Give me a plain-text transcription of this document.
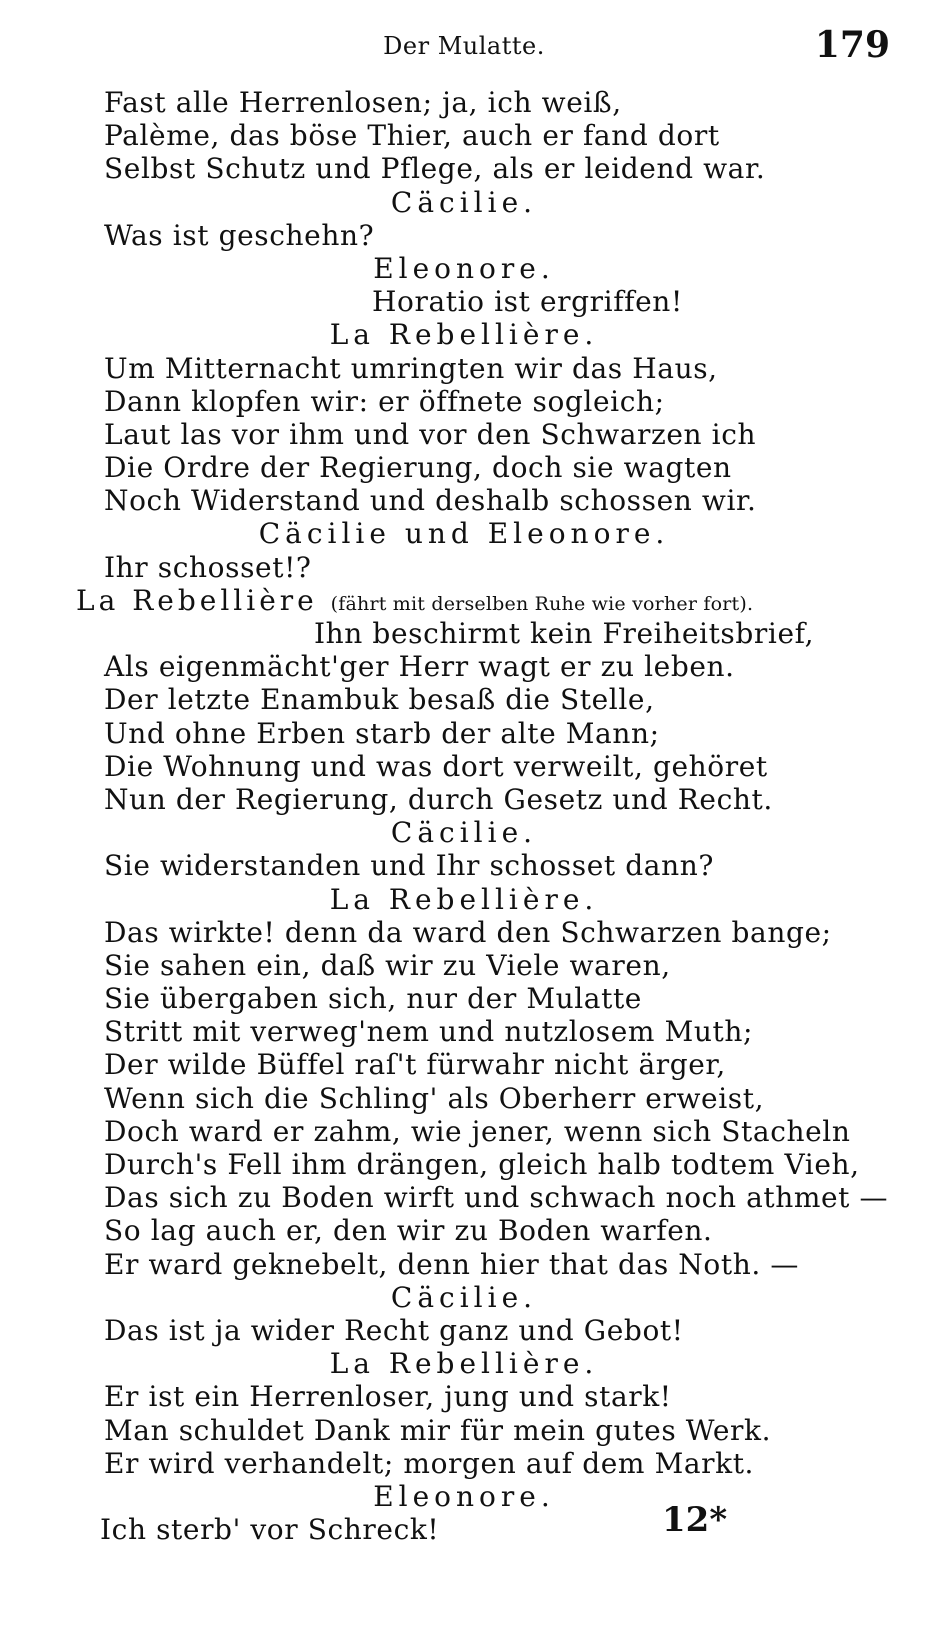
Der Mulatte.	179
Fast alle Herrenlosen; ja, ich weiß,
Palème, das böse Thier, auch er fand dort
Selbst Schutz und Pflege, als er leidend war.
Cäcilie.
Was ist geschehn?
Eleonore.
Horatio ist ergriffen!
La Rebellière.
Um Mitternacht umringten wir das Haus,
Dann klopfen wir: er öffnete sogleich;
Laut las vor ihm und vor den Schwarzen ich
Die Ordre der Regierung, doch sie wagten
Noch Widerstand und deshalb schossen wir.
Cäcilie und Eleonore.
Ihr schosset!?
La Rebellière (fährt mit derselben Ruhe wie vorher fort).
Ihn beschirmt kein Freiheitsbrief,
Als eigenmächt'ger Herr wagt er zu leben.
Der letzte Enambuk besaß die Stelle,
Und ohne Erben starb der alte Mann;
Die Wohnung und was dort verweilt, gehöret
Nun der Regierung, durch Gesetz und Recht.
Cäcilie.
Sie widerstanden und Ihr schosset dann?
La Rebellière.
Das wirkte! denn da ward den Schwarzen bange;
Sie sahen ein, daß wir zu Viele waren,
Sie übergaben sich, nur der Mulatte
Stritt mit verweg'nem und nutzlosem Muth;
Der wilde Büffel raſ't fürwahr nicht ärger,
Wenn sich die Schling' als Oberherr erweist,
Doch ward er zahm, wie jener, wenn sich Stacheln
Durch's Fell ihm drängen, gleich halb todtem Vieh,
Das sich zu Boden wirft und schwach noch athmet —
So lag auch er, den wir zu Boden warfen.
Er ward geknebelt, denn hier that das Noth. —
Cäcilie.
Das ist ja wider Recht ganz und Gebot!
La Rebellière.
Er ist ein Herrenloser, jung und stark!
Man schuldet Dank mir für mein gutes Werk.
Er wird verhandelt; morgen auf dem Markt.
Eleonore.
Ich sterb' vor Schreck!	12*
